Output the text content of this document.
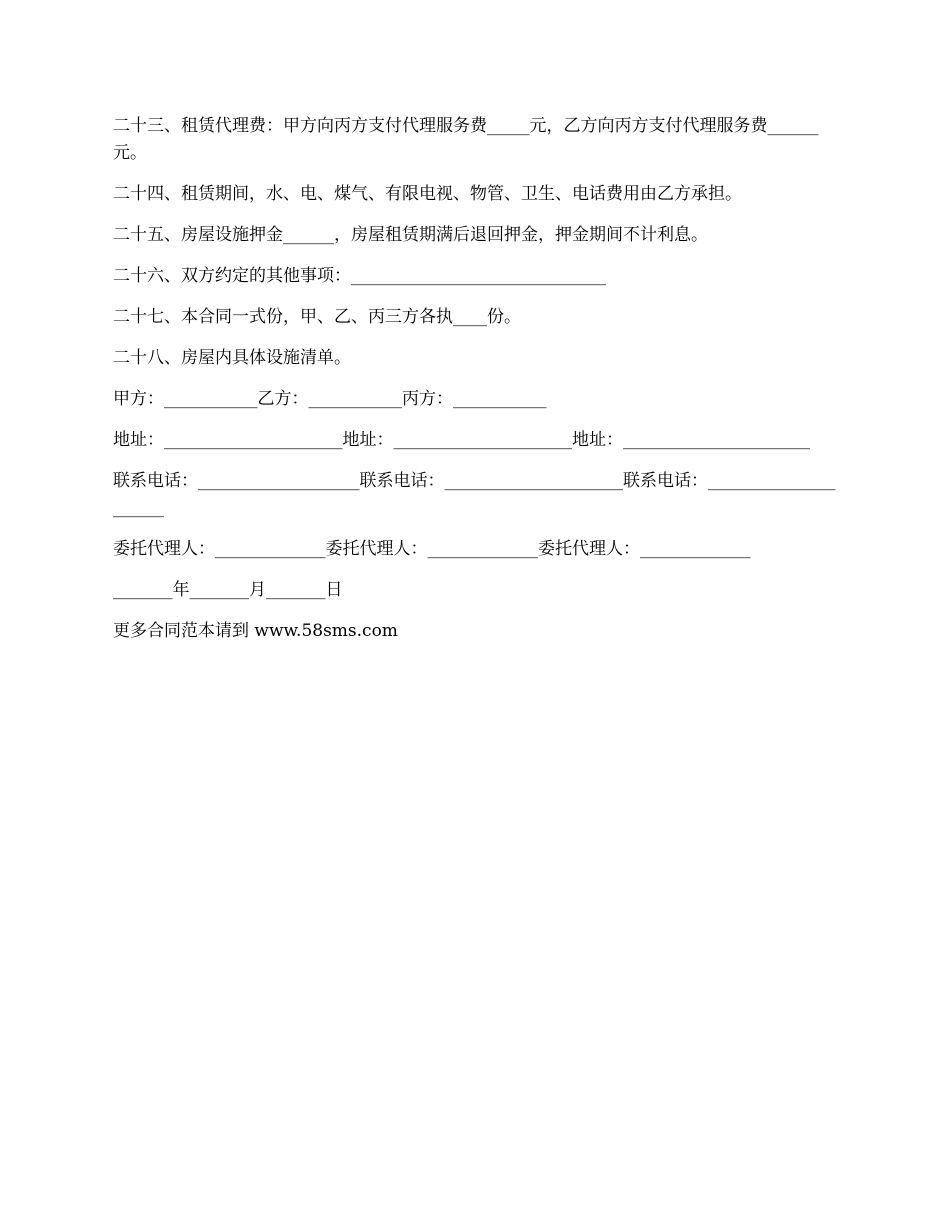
二十三、租赁代理费：甲方向丙方支付代理服务费_____元，乙方向丙方支付代理服务费______元。

二十四、租赁期间，水、电、煤气、有限电视、物管、卫生、电话费用由乙方承担。

二十五、房屋设施押金______，房屋租赁期满后退回押金，押金期间不计利息。

二十六、双方约定的其他事项：______________________________

二十七、本合同一式份，甲、乙、丙三方各执____份。

二十八、房屋内具体设施清单。

甲方：___________乙方：___________丙方：___________

地址：_____________________地址：_____________________地址：______________________

联系电话：___________________联系电话：_____________________联系电话：_____________________

委托代理人：_____________委托代理人：_____________委托代理人：_____________

_______年_______月_______日

更多合同范本请到 www.58sms.com
